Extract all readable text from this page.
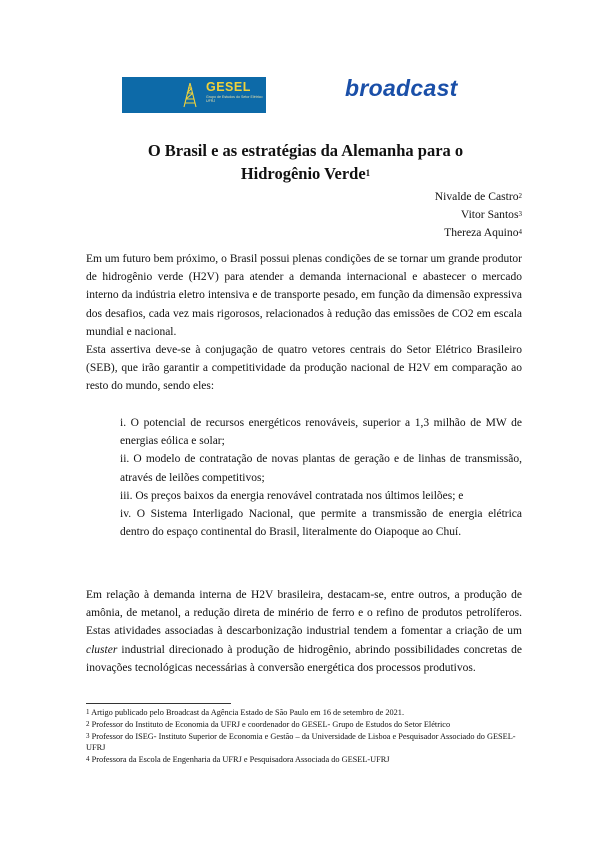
GESEL
Grupo de Estudos do Setor Elétrico UFRJ
broadcast
O Brasil e as estratégias da Alemanha para o
Hidrogênio Verde$^1$
Nivalde de Castro$^2$
Vitor Santos$^3$
Thereza Aquino$^4$

Em um futuro bem próximo, o Brasil possui plenas condições de se tornar um grande produtor de hidrogênio verde (H2V) para atender a demanda internacional e abastecer o mercado interno da indústria eletro intensiva e de transporte pesado, em função da dimensão expressiva dos desafios, cada vez mais rigorosos, relacionados à redução das emissões de CO2 em escala mundial e nacional.

Esta assertiva deve-se à conjugação de quatro vetores centrais do Setor Elétrico Brasileiro (SEB), que irão garantir a competitividade da produção nacional de H2V em comparação ao resto do mundo, sendo eles:

i. O potencial de recursos energéticos renováveis, superior a 1,3 milhão de MW de energias eólica e solar;

ii. O modelo de contratação de novas plantas de geração e de linhas de transmissão, através de leilões competitivos;

iii. Os preços baixos da energia renovável contratada nos últimos leilões; e

iv. O Sistema Interligado Nacional, que permite a transmissão de energia elétrica dentro do espaço continental do Brasil, literalmente do Oiapoque ao Chuí.

Em relação à demanda interna de H2V brasileira, destacam-se, entre outros, a produção de amônia, de metanol, a redução direta de minério de ferro e o refino de produtos petrolíferos. Estas atividades associadas à descarbonização industrial tendem a fomentar a criação de um cluster industrial direcionado à produção de hidrogênio, abrindo possibilidades concretas de inovações tecnológicas necessárias à conversão energética dos processos produtivos.

$^1$ Artigo publicado pelo Broadcast da Agência Estado de São Paulo em 16 de setembro de 2021.

$^2$ Professor do Instituto de Economia da UFRJ e coordenador do GESEL- Grupo de Estudos do Setor Elétrico

$^3$ Professor do ISEG- Instituto Superior de Economia e Gestão – da Universidade de Lisboa e Pesquisador Associado do GESEL-UFRJ

$^4$ Professora da Escola de Engenharia da UFRJ e Pesquisadora Associada do GESEL-UFRJ
